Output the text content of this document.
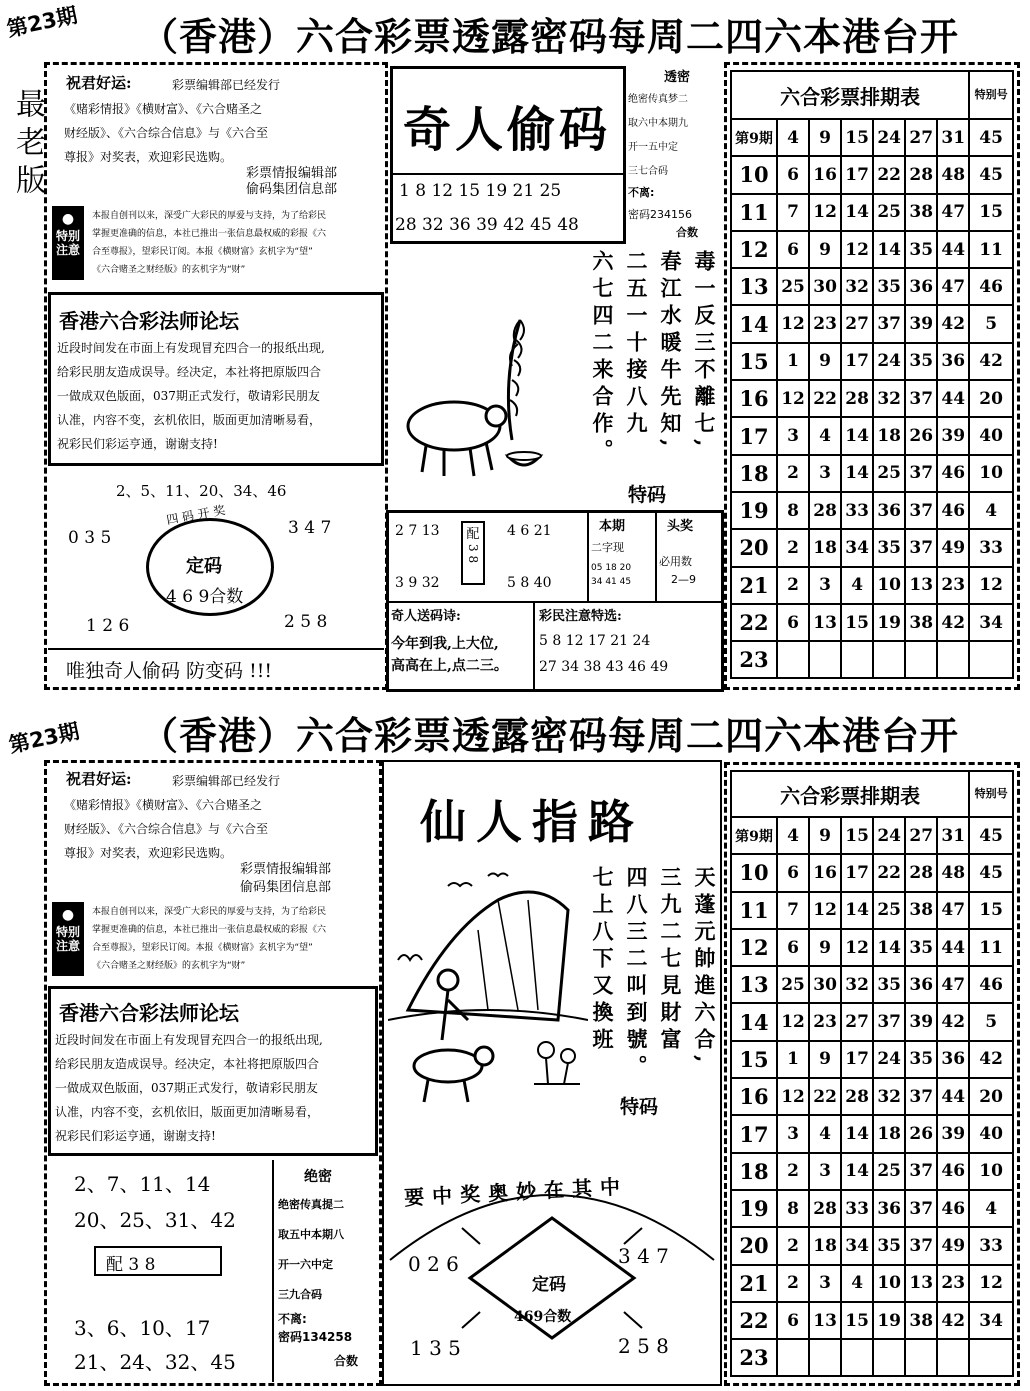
第23期 （香港）六合彩票透露密码每周二四六本港台开
最老版
祝君好运:	彩票编辑部已经发行
《赌彩情报》《横财富》、《六合赌圣之
财经版》、《六合综合信息》与《六合至
尊报》对奖表，欢迎彩民选购。
彩票情报编辑部
偷码集团信息部
●
特别注意
本报自创刊以来，深受广大彩民的厚爱与支持，为了给彩民
掌握更准确的信息，本社已推出一张信息最权威的彩报《六
合至尊报》，望彩民订阅。本报《横财富》玄机字为“望”
《六合赌圣之财经版》的玄机字为“财”
香港六合彩法师论坛
近段时间发在市面上有发现冒充四合一的报纸出现,
给彩民朋友造成误导。经决定，本社将把原版四合
一做成双色版面，037期正式发行，敬请彩民朋友
认准，内容不变，玄机依旧，版面更加清晰易看，
祝彩民们彩运亨通，谢谢支持!
2、5、11、20、34、46
0 3 5	3 4 7
四 码 开 奖
定码
4 6 9合数
1 2 6	2 5 8
唯独奇人偷码 防变码 !!!
奇人偷码
1 8 12 15 19 21 25
28 32 36 39 42 45 48
透密
绝密传真梦二
取六中本期九
开一五中定
三七合码
不离:
密码234156
合数
六七四二来合作。 二五一十接八九 春江水暖牛先知, 毒一反三不離七,
特码
2 7 13
3 9 32
配
3 8
4 6 21
5 8 40
本期
二字现
05 18 20
34 41 45
头奖
必用数
2—9
奇人送码诗:
今年到我,上大位,
高高在上,点二三。
彩民注意特选:
5 8 12 17 21 24
27 34 38 43 46 49
六合彩票排期表							特别号
第9期	4	9	15	24	27	31	45
10	6	16	17	22	28	48	45
11	7	12	14	25	38	47	15
12	6	9	12	14	35	44	11
13	25	30	32	35	36	47	46
14	12	23	27	37	39	42	5
15	1	9	17	24	35	36	42
16	12	22	28	32	37	44	20
17	3	4	14	18	26	39	40
18	2	3	14	25	37	46	10
19	8	28	33	36	37	46	4
20	2	18	34	35	37	49	33
21	2	3	4	10	13	23	12
22	6	13	15	19	38	42	34
23							
第23期 （香港）六合彩票透露密码每周二四六本港台开
祝君好运:	彩票编辑部已经发行
《赌彩情报》《横财富》、《六合赌圣之
财经版》、《六合综合信息》与《六合至
尊报》对奖表，欢迎彩民选购。
彩票情报编辑部
偷码集团信息部
●
特别注意
本报自创刊以来，深受广大彩民的厚爱与支持，为了给彩民
掌握更准确的信息，本社已推出一张信息最权威的彩报《六
合至尊报》，望彩民订阅。本报《横财富》玄机字为“望”
《六合赌圣之财经版》的玄机字为“财”
香港六合彩法师论坛
近段时间发在市面上有发现冒充四合一的报纸出现,
给彩民朋友造成误导。经决定，本社将把原版四合
一做成双色版面，037期正式发行，敬请彩民朋友
认准，内容不变，玄机依旧，版面更加清晰易看，
祝彩民们彩运亨通，谢谢支持!
2、7、11、14
20、25、31、42
配 3 8
3、6、10、17
21、24、32、45
绝密
绝密传真提二
取五中本期八
开一六中定
三九合码
不离:
密码134258
合数
仙人指路
七上八下又換班 四八三二叫到號。 三九二七見財富 天蓬元帥進六合,
特码
要中奖奥妙在其中
0 2 6	3 4 7
定码
469合数
1 3 5	2 5 8
六合彩票排期表							特别号
第9期	4	9	15	24	27	31	45
10	6	16	17	22	28	48	45
11	7	12	14	25	38	47	15
12	6	9	12	14	35	44	11
13	25	30	32	35	36	47	46
14	12	23	27	37	39	42	5
15	1	9	17	24	35	36	42
16	12	22	28	32	37	44	20
17	3	4	14	18	26	39	40
18	2	3	14	25	37	46	10
19	8	28	33	36	37	46	4
20	2	18	34	35	37	49	33
21	2	3	4	10	13	23	12
22	6	13	15	19	38	42	34
23							
